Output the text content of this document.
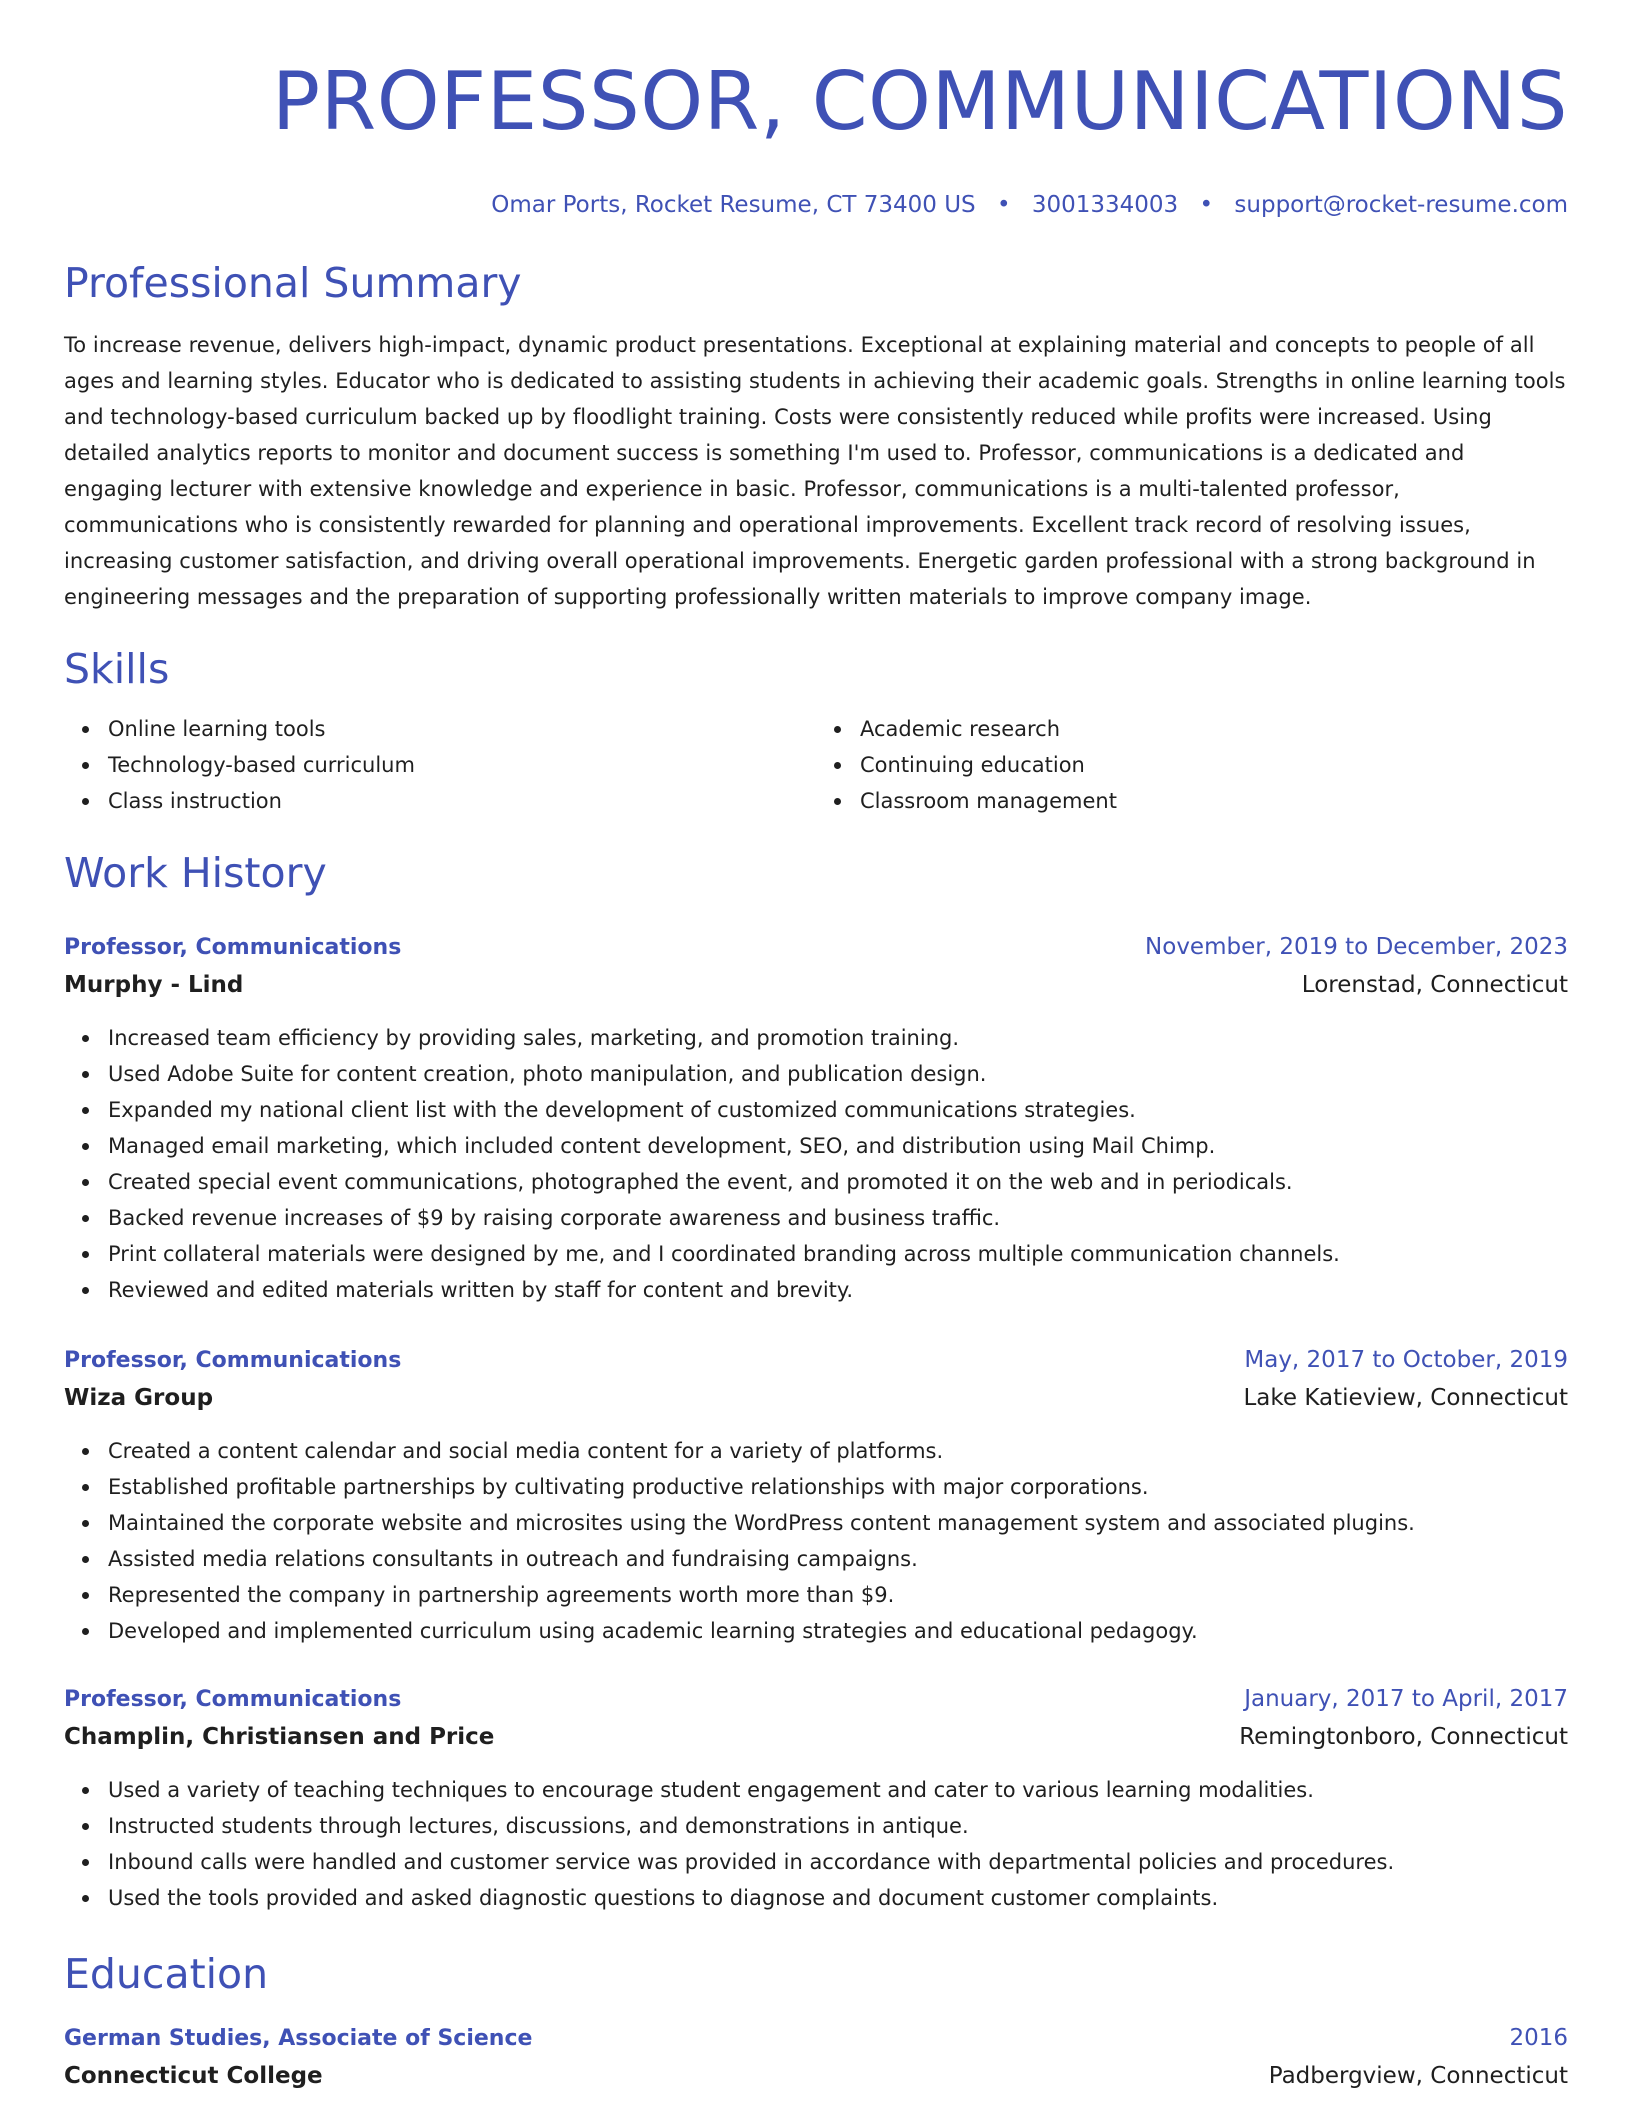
PROFESSOR, COMMUNICATIONS
Omar Ports, Rocket Resume, CT 73400 US • 3001334003 • support@rocket-resume.com
Professional Summary
To increase revenue, delivers high-impact, dynamic product presentations. Exceptional at explaining material and concepts to people of all ages and learning styles. Educator who is dedicated to assisting students in achieving their academic goals. Strengths in online learning tools and technology-based curriculum backed up by floodlight training. Costs were consistently reduced while profits were increased. Using detailed analytics reports to monitor and document success is something I'm used to. Professor, communications is a dedicated and engaging lecturer with extensive knowledge and experience in basic. Professor, communications is a multi-talented professor, communications who is consistently rewarded for planning and operational improvements. Excellent track record of resolving issues, increasing customer satisfaction, and driving overall operational improvements. Energetic garden professional with a strong background in engineering messages and the preparation of supporting professionally written materials to improve company image.
Skills
Online learning tools
Technology-based curriculum
Class instruction
Academic research
Continuing education
Classroom management
Work History
Professor, Communications	November, 2019 to December, 2023
Murphy - Lind	Lorenstad, Connecticut
Increased team efficiency by providing sales, marketing, and promotion training.
Used Adobe Suite for content creation, photo manipulation, and publication design.
Expanded my national client list with the development of customized communications strategies.
Managed email marketing, which included content development, SEO, and distribution using Mail Chimp.
Created special event communications, photographed the event, and promoted it on the web and in periodicals.
Backed revenue increases of $9 by raising corporate awareness and business traffic.
Print collateral materials were designed by me, and I coordinated branding across multiple communication channels.
Reviewed and edited materials written by staff for content and brevity.
Professor, Communications	May, 2017 to October, 2019
Wiza Group	Lake Katieview, Connecticut
Created a content calendar and social media content for a variety of platforms.
Established profitable partnerships by cultivating productive relationships with major corporations.
Maintained the corporate website and microsites using the WordPress content management system and associated plugins.
Assisted media relations consultants in outreach and fundraising campaigns.
Represented the company in partnership agreements worth more than $9.
Developed and implemented curriculum using academic learning strategies and educational pedagogy.
Professor, Communications	January, 2017 to April, 2017
Champlin, Christiansen and Price	Remingtonboro, Connecticut
Used a variety of teaching techniques to encourage student engagement and cater to various learning modalities.
Instructed students through lectures, discussions, and demonstrations in antique.
Inbound calls were handled and customer service was provided in accordance with departmental policies and procedures.
Used the tools provided and asked diagnostic questions to diagnose and document customer complaints.
Education
German Studies, Associate of Science	2016
Connecticut College	Padbergview, Connecticut
